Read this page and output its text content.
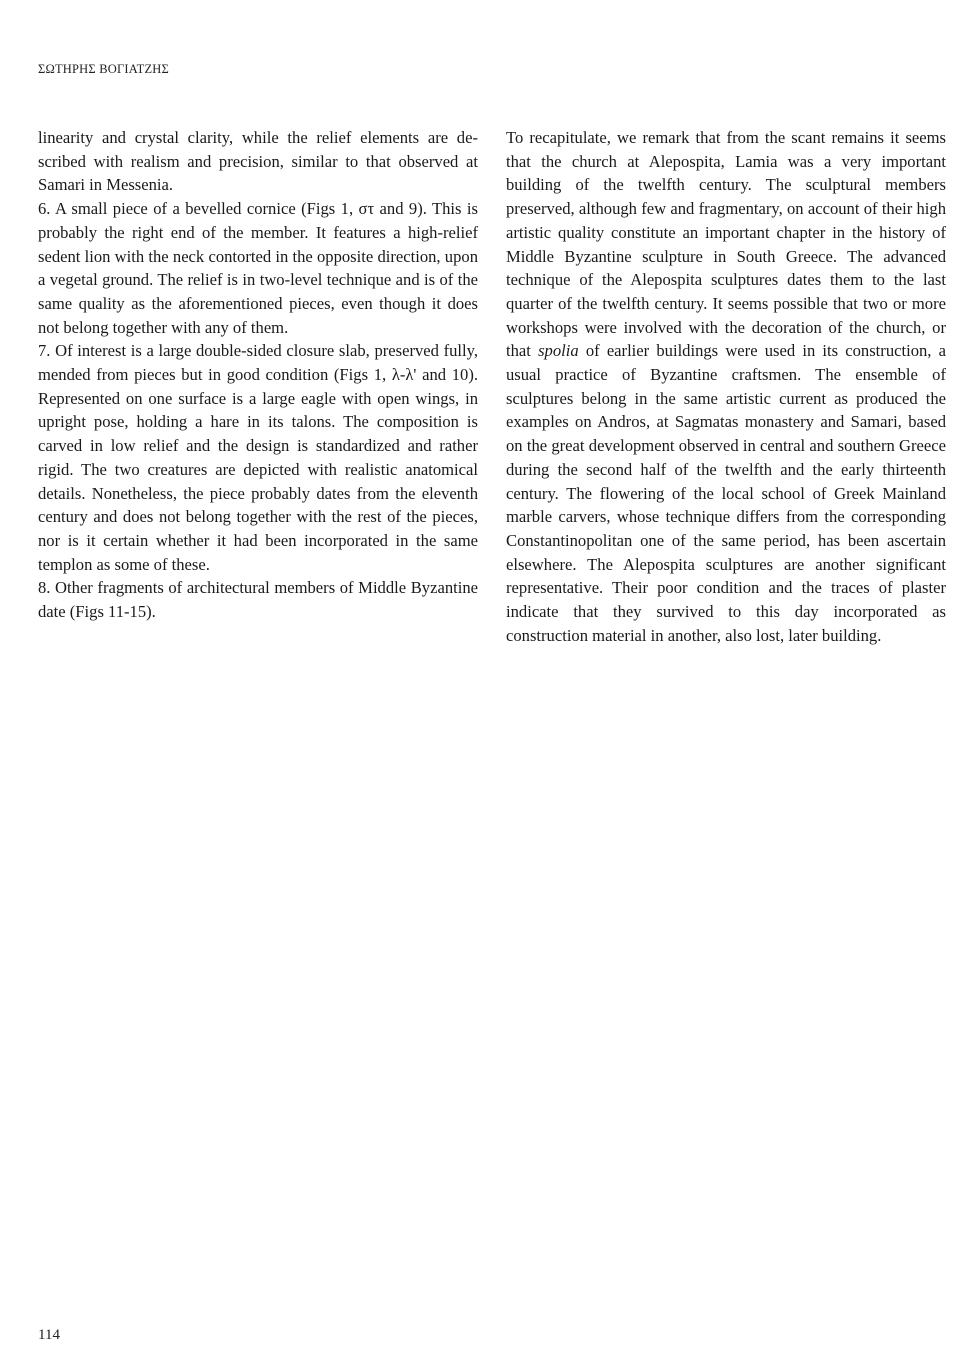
ΣΩΤΗΡΗΣ ΒΟΓΙΑΤΖΗΣ

linearity and crystal clarity, while the relief elements are described with realism and precision, similar to that observed at Samari in Messenia.

6. A small piece of a bevelled cornice (Figs 1, στ and 9). This is probably the right end of the member. It features a high-relief sedent lion with the neck contorted in the opposite direction, upon a vegetal ground. The relief is in two-level technique and is of the same quality as the aforementioned pieces, even though it does not belong together with any of them.

7. Of interest is a large double-sided closure slab, preserved fully, mended from pieces but in good condition (Figs 1, λ-λ' and 10). Represented on one surface is a large eagle with open wings, in upright pose, holding a hare in its talons. The composition is carved in low relief and the design is standardized and rather rigid. The two creatures are depicted with realistic anatomical details. Nonetheless, the piece probably dates from the eleventh century and does not belong together with the rest of the pieces, nor is it certain whether it had been incorporated in the same templon as some of these.

8. Other fragments of architectural members of Middle Byzantine date (Figs 11-15).

To recapitulate, we remark that from the scant remains it seems that the church at Alepospita, Lamia was a very important building of the twelfth century. The sculptural members preserved, although few and fragmentary, on account of their high artistic quality constitute an important chapter in the history of Middle Byzantine sculpture in South Greece. The advanced technique of the Alepospita sculptures dates them to the last quarter of the twelfth century. It seems possible that two or more workshops were involved with the decoration of the church, or that spolia of earlier buildings were used in its construction, a usual practice of Byzantine craftsmen. The ensemble of sculptures belong in the same artistic current as produced the examples on Andros, at Sagmatas monastery and Samari, based on the great development observed in central and southern Greece during the second half of the twelfth and the early thirteenth century. The flowering of the local school of Greek Mainland marble carvers, whose technique differs from the corresponding Constantinopolitan one of the same period, has been ascertain elsewhere. The Alepospita sculptures are another significant representative. Their poor condition and the traces of plaster indicate that they survived to this day incorporated as construction material in another, also lost, later building.

114
